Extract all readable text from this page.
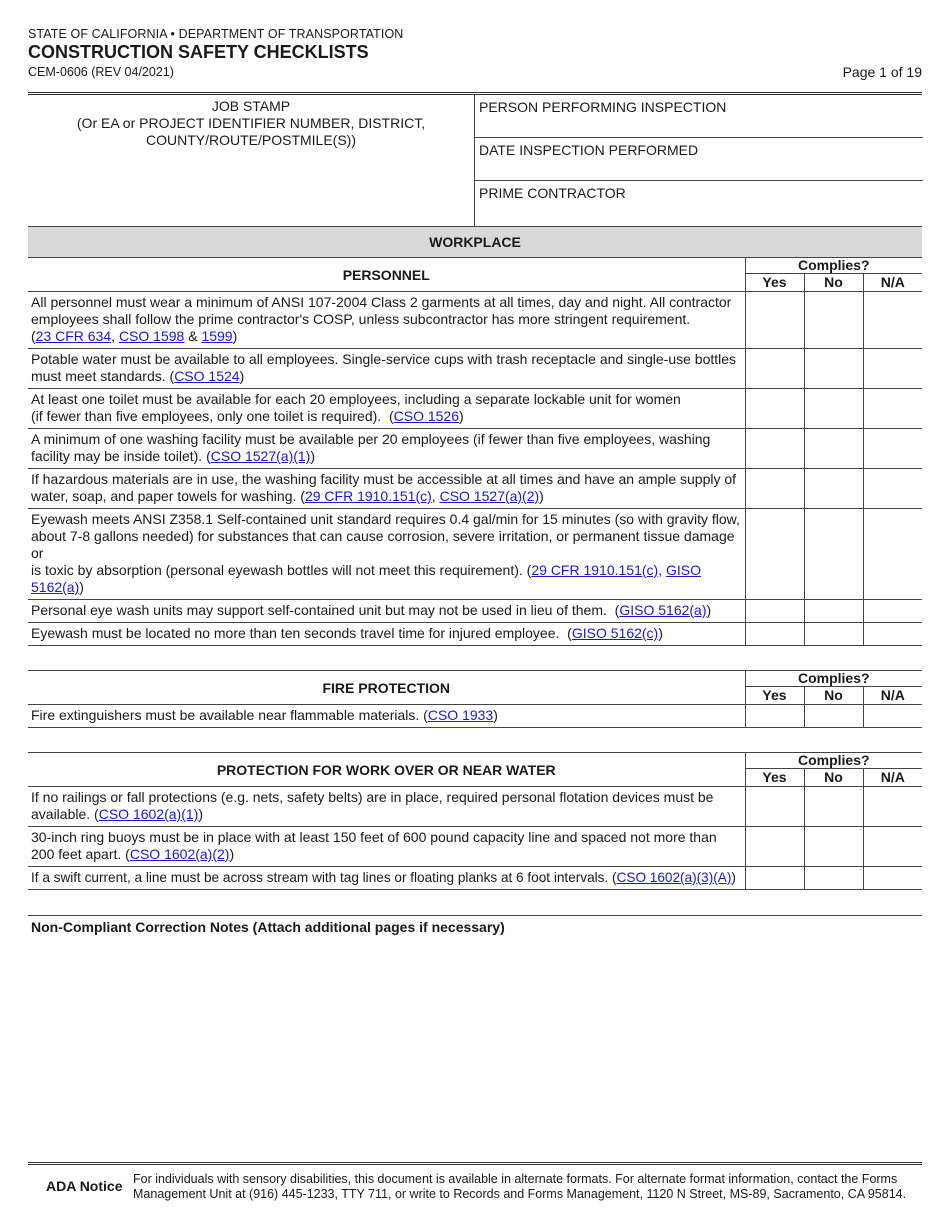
STATE OF CALIFORNIA • DEPARTMENT OF TRANSPORTATION
CONSTRUCTION SAFETY CHECKLISTS
CEM-0606 (REV 04/2021)	Page 1 of 19
JOB STAMP
(Or EA or PROJECT IDENTIFIER NUMBER, DISTRICT,
COUNTY/ROUTE/POSTMILE(S))
PERSON PERFORMING INSPECTION
DATE INSPECTION PERFORMED
PRIME CONTRACTOR
WORKPLACE
PERSONNEL	Complies?		
	Yes	No	N/A
All personnel must wear a minimum of ANSI 107-2004 Class 2 garments at all times, day and night. All contractor
employees shall follow the prime contractor's COSP, unless subcontractor has more stringent requirement.
(23 CFR 634, CSO 1598 & 1599)			
Potable water must be available to all employees. Single-service cups with trash receptacle and single-use bottles
must meet standards. (CSO 1524)			
At least one toilet must be available for each 20 employees, including a separate lockable unit for women
(if fewer than five employees, only one toilet is required).  (CSO 1526)			
A minimum of one washing facility must be available per 20 employees (if fewer than five employees, washing
facility may be inside toilet). (CSO 1527(a)(1))			
If hazardous materials are in use, the washing facility must be accessible at all times and have an ample supply of
water, soap, and paper towels for washing. (29 CFR 1910.151(c), CSO 1527(a)(2))			
Eyewash meets ANSI Z358.1 Self-contained unit standard requires 0.4 gal/min for 15 minutes (so with gravity flow,
about 7-8 gallons needed) for substances that can cause corrosion, severe irritation, or permanent tissue damage or
is toxic by absorption (personal eyewash bottles will not meet this requirement). (29 CFR 1910.151(c), GISO 5162(a))			
Personal eye wash units may support self-contained unit but may not be used in lieu of them.  (GISO 5162(a))			
Eyewash must be located no more than ten seconds travel time for injured employee.  (GISO 5162(c))			
FIRE PROTECTION	Complies?		
	Yes	No	N/A
Fire extinguishers must be available near flammable materials. (CSO 1933)			
PROTECTION FOR WORK OVER OR NEAR WATER	Complies?		
	Yes	No	N/A
If no railings or fall protections (e.g. nets, safety belts) are in place, required personal flotation devices must be
available. (CSO 1602(a)(1))			
30-inch ring buoys must be in place with at least 150 feet of 600 pound capacity line and spaced not more than
200 feet apart. (CSO 1602(a)(2))			
If a swift current, a line must be across stream with tag lines or floating planks at 6 foot intervals. (CSO 1602(a)(3)(A))			
Non-Compliant Correction Notes (Attach additional pages if necessary)
ADA Notice For individuals with sensory disabilities, this document is available in alternate formats. For alternate format information, contact the Forms
Management Unit at (916) 445-1233, TTY 711, or write to Records and Forms Management, 1120 N Street, MS-89, Sacramento, CA 95814.
